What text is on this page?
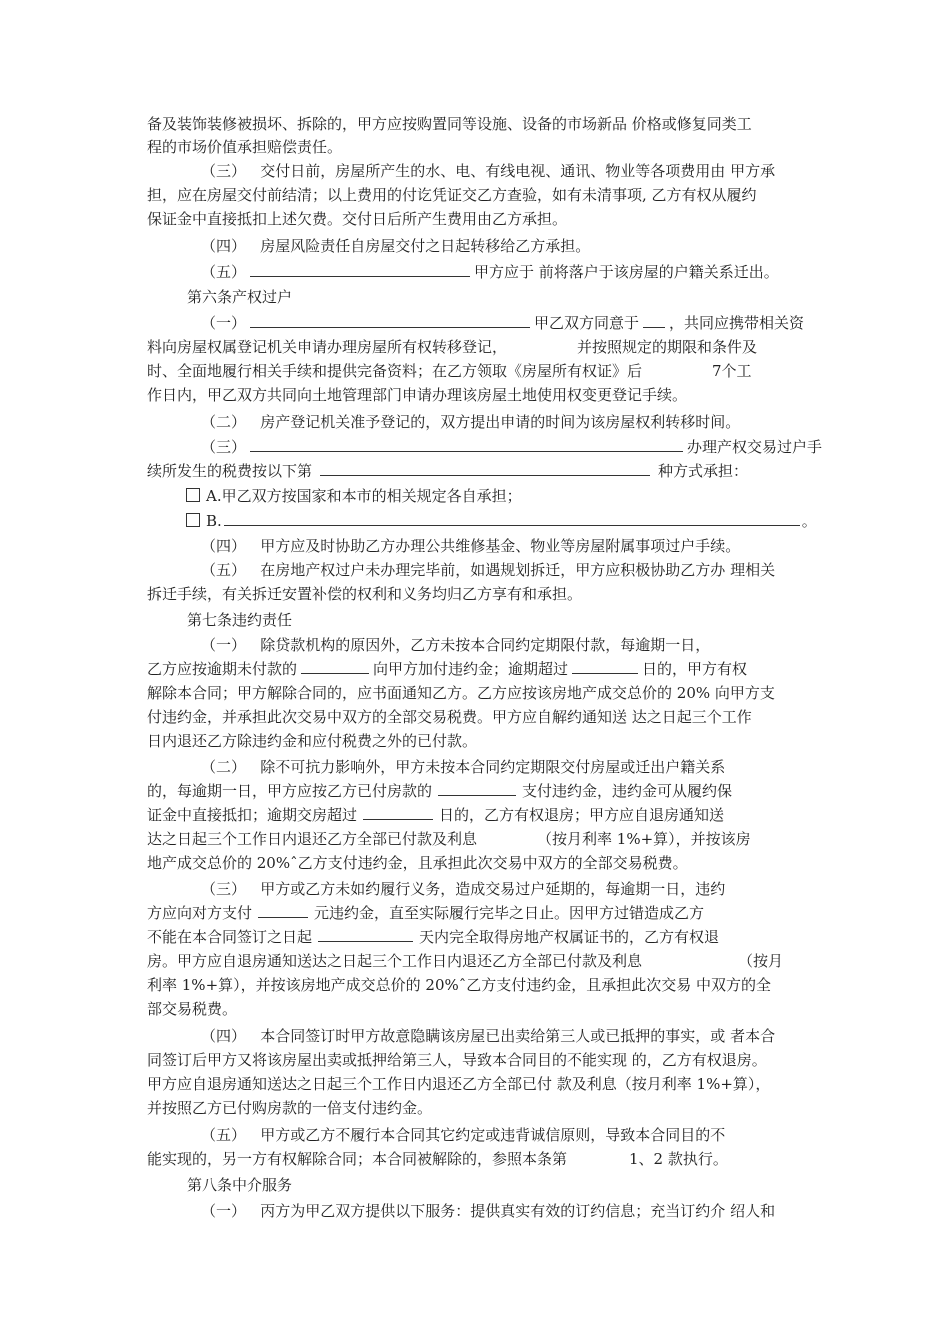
备及装饰装修被损坏、拆除的，甲方应按购置同等设施、设备的市场新品 价格或修复同类工
程的市场价值承担赔偿责任。
（三）   交付日前，房屋所产生的水、电、有线电视、通讯、物业等各项费用由 甲方承
担，应在房屋交付前结清；以上费用的付讫凭证交乙方查验，如有未清事项, 乙方有权从履约
保证金中直接抵扣上述欠费。交付日后所产生费用由乙方承担。
（四）   房屋风险责任自房屋交付之日起转移给乙方承担。
（五）	甲方应于 前将落户于该房屋的户籍关系迁出。
第六条产权过户
（一）	甲乙双方同意于 ，共同应携带相关资
料向房屋权属登记机关申请办理房屋所有权转移登记，	并按照规定的期限和条件及
时、全面地履行相关手续和提供完备资料；在乙方领取《房屋所有权证》后	7个工
作日内，甲乙双方共同向土地管理部门申请办理该房屋土地使用权变更登记手续。
（二）   房产登记机关准予登记的，双方提出申请的时间为该房屋权利转移时间。
（三）	办理产权交易过户手
续所发生的税费按以下第	种方式承担：
A.甲乙双方按国家和本市的相关规定各自承担；
B.	。
（四）   甲方应及时协助乙方办理公共维修基金、物业等房屋附属事项过户手续。
（五）   在房地产权过户未办理完毕前，如遇规划拆迁，甲方应积极协助乙方办 理相关
拆迁手续，有关拆迁安置补偿的权利和义务均归乙方享有和承担。
第七条违约责任
（一）   除贷款机构的原因外，乙方未按本合同约定期限付款，每逾期一日，
乙方应按逾期未付款的	向甲方加付违约金；逾期超过	日的，甲方有权
解除本合同；甲方解除合同的，应书面通知乙方。乙方应按该房地产成交总价的 20% 向甲方支
付违约金，并承担此次交易中双方的全部交易税费。甲方应自解约通知送 达之日起三个工作
日内退还乙方除违约金和应付税费之外的已付款。
（二）   除不可抗力影响外，甲方未按本合同约定期限交付房屋或迁出户籍关系
的，每逾期一日，甲方应按乙方已付房款的	支付违约金，违约金可从履约保
证金中直接抵扣；逾期交房超过	日的，乙方有权退房；甲方应自退房通知送
达之日起三个工作日内退还乙方全部已付款及利息	（按月利率 1%+算），并按该房
地产成交总价的 20%ˆ乙方支付违约金，且承担此次交易中双方的全部交易税费。
（三）   甲方或乙方未如约履行义务，造成交易过户延期的，每逾期一日，违约
方应向对方支付	元违约金，直至实际履行完毕之日止。因甲方过错造成乙方
不能在本合同签订之日起	天内完全取得房地产权属证书的，乙方有权退
房。甲方应自退房通知送达之日起三个工作日内退还乙方全部已付款及利息	（按月
利率 1%+算），并按该房地产成交总价的 20%ˆ乙方支付违约金，且承担此次交易 中双方的全
部交易税费。
（四）   本合同签订时甲方故意隐瞒该房屋已出卖给第三人或已抵押的事实，或 者本合
同签订后甲方又将该房屋出卖或抵押给第三人，导致本合同目的不能实现 的，乙方有权退房。
甲方应自退房通知送达之日起三个工作日内退还乙方全部已付 款及利息（按月利率 1%+算），
并按照乙方已付购房款的一倍支付违约金。
（五）   甲方或乙方不履行本合同其它约定或违背诚信原则，导致本合同目的不
能实现的，另一方有权解除合同；本合同被解除的，参照本条第	1、2 款执行。
第八条中介服务
（一）   丙方为甲乙双方提供以下服务：提供真实有效的订约信息；充当订约介 绍人和
